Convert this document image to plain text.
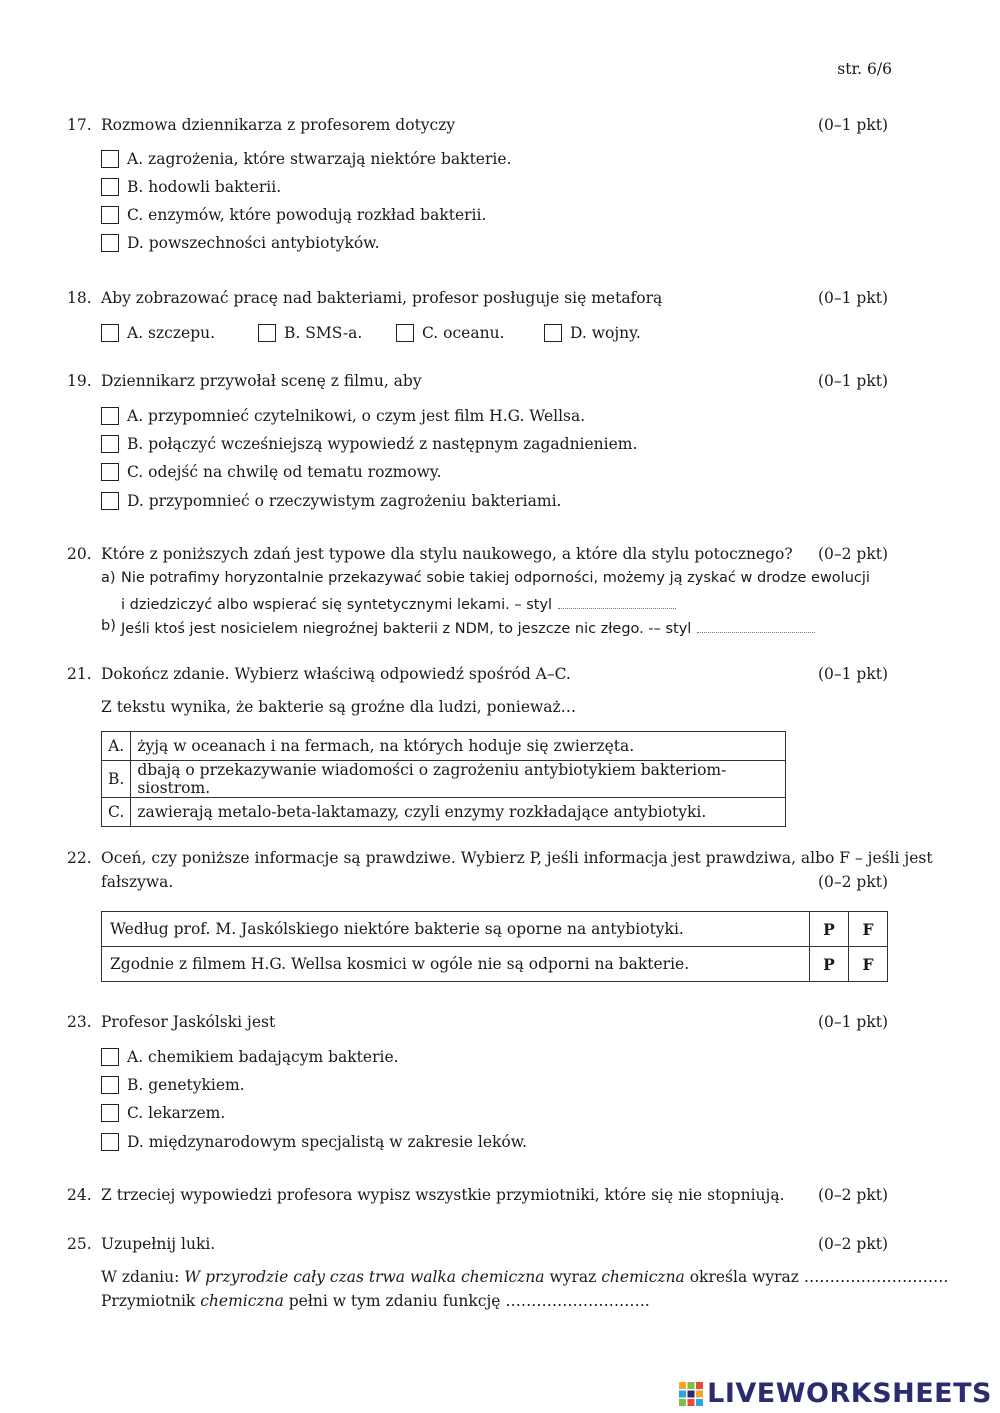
str. 6/6
17. Rozmowa dziennikarza z profesorem dotyczy	(0–1 pkt)
A. zagrożenia, które stwarzają niektóre bakterie.
B. hodowli bakterii.
C. enzymów, które powodują rozkład bakterii.
D. powszechności antybiotyków.
18. Aby zobrazować pracę nad bakteriami, profesor posługuje się metaforą	(0–1 pkt)
A. szczepu.	B. SMS-a.	C. oceanu.	D. wojny.
19. Dziennikarz przywołał scenę z filmu, aby	(0–1 pkt)
A. przypomnieć czytelnikowi, o czym jest film H.G. Wellsa.
B. połączyć wcześniejszą wypowiedź z następnym zagadnieniem.
C. odejść na chwilę od tematu rozmowy.
D. przypomnieć o rzeczywistym zagrożeniu bakteriami.
20. Które z poniższych zdań jest typowe dla stylu naukowego, a które dla stylu potocznego? (0–2 pkt)
a) Nie potrafimy horyzontalnie przekazywać sobie takiej odporności, możemy ją zyskać w drodze ewolucji
i dziedziczyć albo wspierać się syntetycznymi lekami. – styl
b) Jeśli ktoś jest nosicielem niegroźnej bakterii z NDM, to jeszcze nic złego. -– styl
21. Dokończ zdanie. Wybierz właściwą odpowiedź spośród A–C.	(0–1 pkt)
Z tekstu wynika, że bakterie są groźne dla ludzi, ponieważ…
A.	żyją w oceanach i na fermach, na których hoduje się zwierzęta.
B.	dbają o przekazywanie wiadomości o zagrożeniu antybiotykiem bakteriom-siostrom.
C.	zawierają metalo-beta-laktamazy, czyli enzymy rozkładające antybiotyki.
22. Oceń, czy poniższe informacje są prawdziwe. Wybierz P, jeśli informacja jest prawdziwa, albo F – jeśli jest
fałszywa.	(0–2 pkt)
Według prof. M. Jaskólskiego niektóre bakterie są oporne na antybiotyki.	P	F
Zgodnie z filmem H.G. Wellsa kosmici w ogóle nie są odporni na bakterie.	P	F
23. Profesor Jaskólski jest	(0–1 pkt)
A. chemikiem badającym bakterie.
B. genetykiem.
C. lekarzem.
D. międzynarodowym specjalistą w zakresie leków.
24. Z trzeciej wypowiedzi profesora wypisz wszystkie przymiotniki, które się nie stopniują. (0–2 pkt)
25. Uzupełnij luki.	(0–2 pkt)
W zdaniu: W przyrodzie cały czas trwa walka chemiczna wyraz chemiczna określa wyraz ……………………….
Przymiotnik chemiczna pełni w tym zdaniu funkcję ……………………….
LIVEWORKSHEETS
